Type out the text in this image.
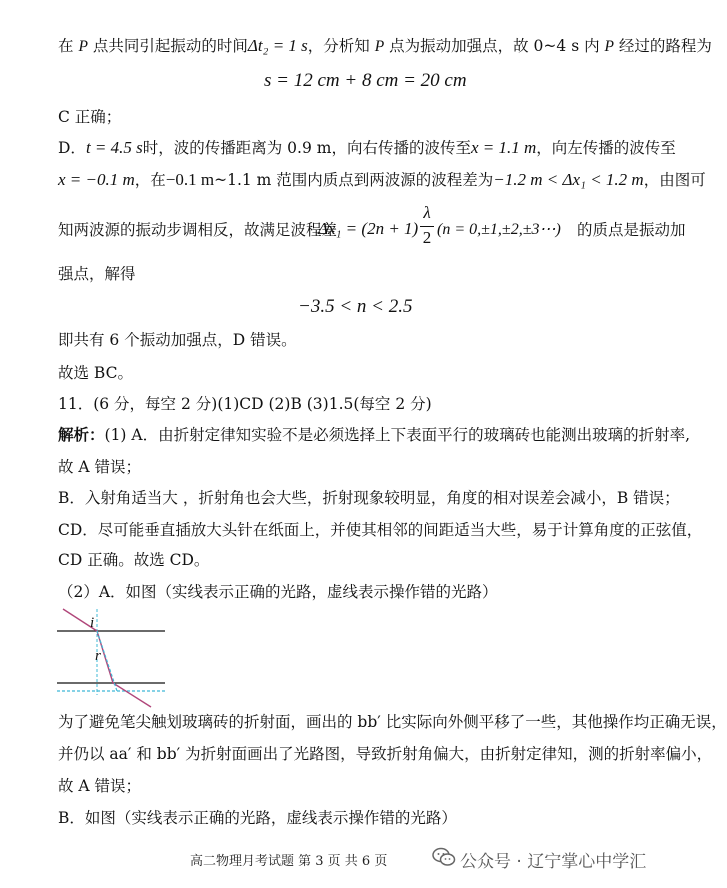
在 P 点共同引起振动的时间Δt₂ = 1 s，分析知 P 点为振动加强点，故 0~4 s 内 P 经过的路程为
s = 12 cm + 8 cm = 20 cm
C 正确；
D．t = 4.5 s时，波的传播距离为 0.9 m，向右传播的波传至x = 1.1 m，向左传播的波传至
x = −0.1 m，在−0.1 m~1.1 m 范围内质点到两波源的波程差为−1.2 m < Δx₁ < 1.2 m，由图可
知两波源的振动步调相反，故满足波程差
Δx₁ = (2n + 1)
λ
2 (n = 0,±1,±2,±3⋯) 的质点是振动加
强点，解得
−3.5 < n < 2.5
即共有 6 个振动加强点，D 错误。
故选 BC。
11．(6 分，每空 2 分)(1)CD (2)B (3)1.5(每空 2 分)
解析：(1) A．由折射定律知实验不是必须选择上下表面平行的玻璃砖也能测出玻璃的折射率,
故 A 错误；
B．入射角适当大 ，折射角也会大些，折射现象较明显，角度的相对误差会减小，B 错误；
CD．尽可能垂直插放大头针在纸面上，并使其相邻的间距适当大些，易于计算角度的正弦值，
CD 正确。故选 CD。
（2）A．如图（实线表示正确的光路，虚线表示操作错的光路）
i
r
为了避免笔尖触划玻璃砖的折射面，画出的 bb′ 比实际向外侧平移了一些，其他操作均正确无误，
并仍以 aa′ 和 bb′ 为折射面画出了光路图，导致折射角偏大，由折射定律知，测的折射率偏小，
故 A 错误；
B．如图（实线表示正确的光路，虚线表示操作错的光路）
高二物理月考试题 第 3 页 共 6 页	公众号 · 辽宁掌心中学汇
